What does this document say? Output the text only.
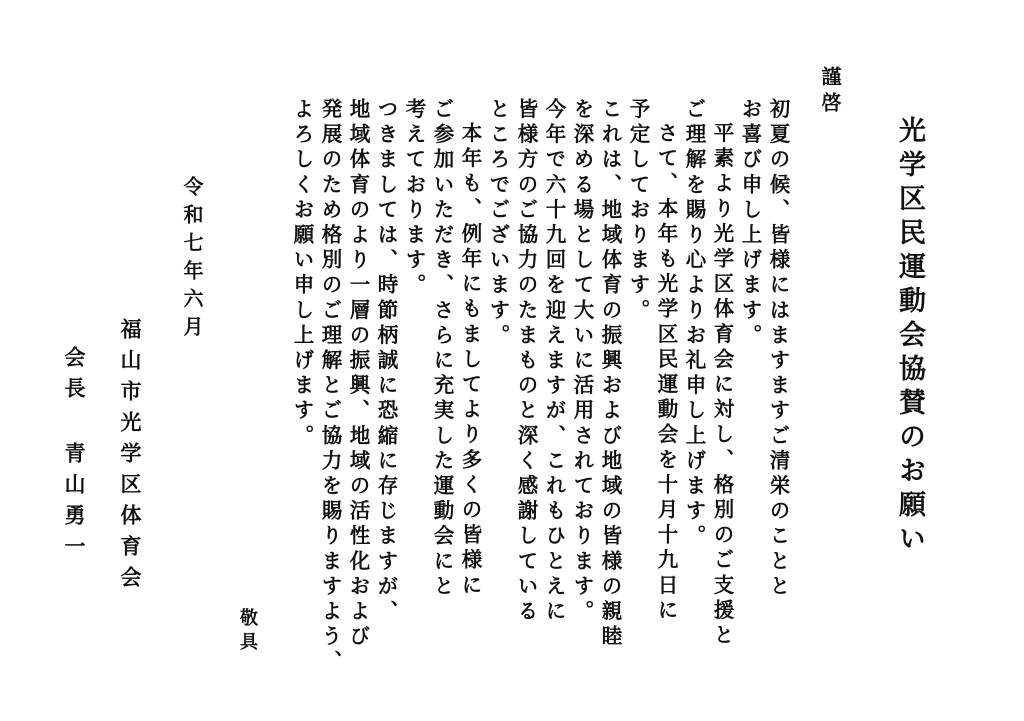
光学区民運動会協賛のお願い
謹啓
初夏の候、皆様にはますますご清栄のことと
お喜び申し上げます。
平素より光学区体育会に対し、格別のご支援と
ご理解を賜り心よりお礼申し上げます。
さて、本年も光学区民運動会を十月十九日に
予定しております。
これは、地域体育の振興および地域の皆様の親睦
を深める場として大いに活用されております。
今年で六十九回を迎えますが、これもひとえに
皆様方のご協力のたまものと深く感謝している
ところでございます。
本年も、例年にもましてより多くの皆様に
ご参加いただき、さらに充実した運動会にと
考えております。
つきましては、時節柄誠に恐縮に存じますが、
地域体育のより一層の振興、地域の活性化および
発展のため格別のご理解とご協力を賜りますよう、
よろしくお願い申し上げます。
敬具
令和七年六月
福山市光学区体育会
会長青山勇一
